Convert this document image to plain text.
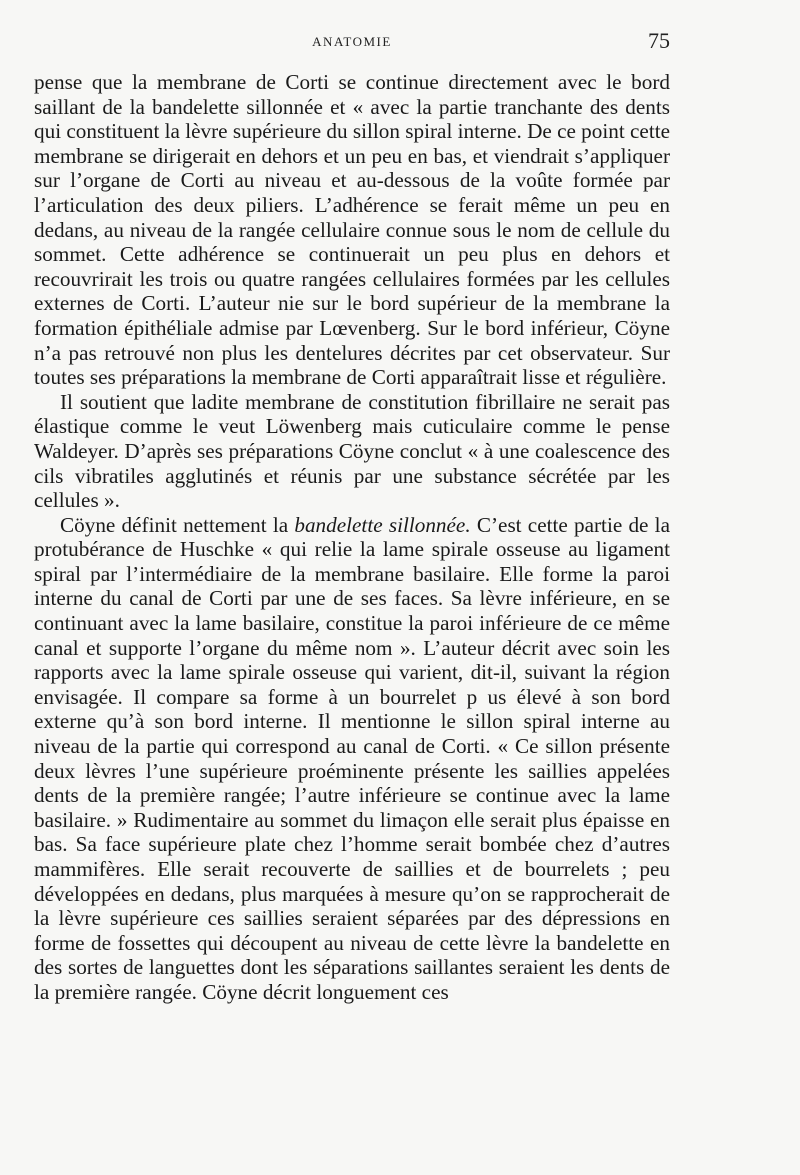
ANATOMIE	75

pense que la membrane de Corti se continue directement avec le bord saillant de la bandelette sillonnée et « avec la partie tranchante des dents qui constituent la lèvre supérieure du sillon spiral interne. De ce point cette membrane se dirigerait en dehors et un peu en bas, et viendrait s’appliquer sur l’organe de Corti au niveau et au-dessous de la voûte formée par l’articulation des deux piliers. L’adhérence se ferait même un peu en dedans, au niveau de la rangée cellulaire connue sous le nom de cellule du sommet. Cette adhérence se continuerait un peu plus en dehors et recouvrirait les trois ou quatre rangées cellulaires formées par les cellules externes de Corti. L’auteur nie sur le bord supérieur de la membrane la formation épithéliale admise par Lœvenberg. Sur le bord inférieur, Cöyne n’a pas retrouvé non plus les dentelures décrites par cet observateur. Sur toutes ses préparations la membrane de Corti apparaîtrait lisse et régulière.

Il soutient que ladite membrane de constitution fibrillaire ne serait pas élastique comme le veut Löwenberg mais cuticulaire comme le pense Waldeyer. D’après ses préparations Cöyne conclut « à une coalescence des cils vibratiles agglutinés et réunis par une substance sécrétée par les cellules ».

Cöyne définit nettement la bandelette sillonnée. C’est cette partie de la protubérance de Huschke « qui relie la lame spirale osseuse au ligament spiral par l’intermédiaire de la membrane basilaire. Elle forme la paroi interne du canal de Corti par une de ses faces. Sa lèvre inférieure, en se continuant avec la lame basilaire, constitue la paroi inférieure de ce même canal et supporte l’organe du même nom ». L’auteur décrit avec soin les rapports avec la lame spirale osseuse qui varient, dit-il, suivant la région envisagée. Il compare sa forme à un bourrelet p us élevé à son bord externe qu’à son bord interne. Il mentionne le sillon spiral interne au niveau de la partie qui correspond au canal de Corti. « Ce sillon présente deux lèvres l’une supérieure proéminente présente les saillies appelées dents de la première rangée; l’autre inférieure se continue avec la lame basilaire. » Rudimentaire au sommet du limaçon elle serait plus épaisse en bas. Sa face supérieure plate chez l’homme serait bombée chez d’autres mammifères. Elle serait recouverte de saillies et de bourrelets ; peu développées en dedans, plus marquées à mesure qu’on se rapprocherait de la lèvre supérieure ces saillies seraient séparées par des dépressions en forme de fossettes qui découpent au niveau de cette lèvre la bandelette en des sortes de languettes dont les séparations saillantes seraient les dents de la première rangée. Cöyne décrit longuement ces
